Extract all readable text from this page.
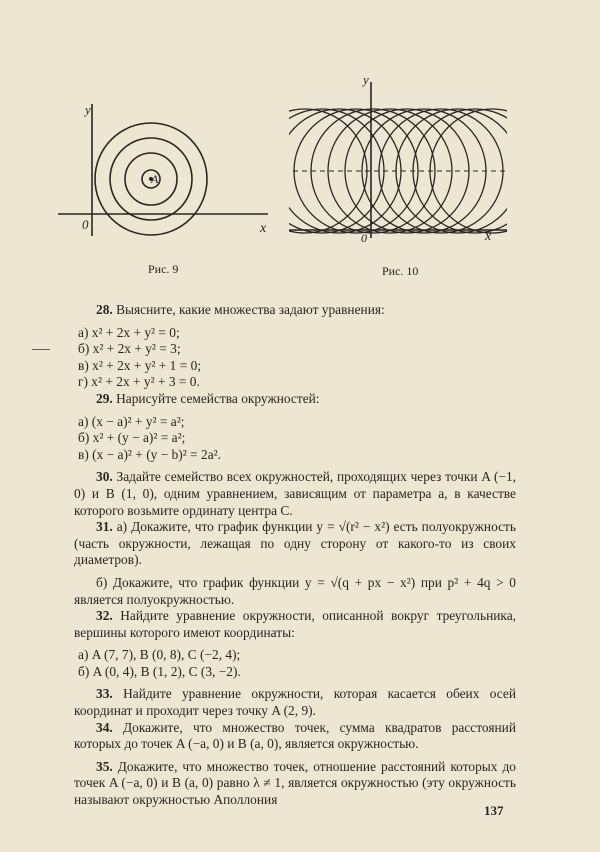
y
x
0
A
Рис. 9
y
x
0
Рис. 10

28. Выясните, какие множества задают уравнения:

а) x² + 2x + y² = 0;

б) x² + 2x + y² = 3;

в) x² + 2x + y² + 1 = 0;

г) x² + 2x + y² + 3 = 0.

29. Нарисуйте семейства окружностей:

а) (x − a)² + y² = a²;

б) x² + (y − a)² = a²;

в) (x − a)² + (y − b)² = 2a².

30. Задайте семейство всех окружностей, проходящих через точки A (−1, 0) и B (1, 0), одним уравнением, зависящим от параметра a, в качестве которого возьмите ординату центра C.

31. а) Докажите, что график функции y = √(r² − x²) есть полуокружность (часть окружности, лежащая по одну сторону от какого-то из своих диаметров).

б) Докажите, что график функции y = √(q + px − x²) при p² + 4q > 0 является полуокружностью.

32. Найдите уравнение окружности, описанной вокруг треугольника, вершины которого имеют координаты:

а) A (7, 7), B (0, 8), C (−2, 4);

б) A (0, 4), B (1, 2), C (3, −2).

33. Найдите уравнение окружности, которая касается обеих осей координат и проходит через точку A (2, 9).

34. Докажите, что множество точек, сумма квадратов расстояний которых до точек A (−a, 0) и B (a, 0), является окружностью.

35. Докажите, что множество точек, отношение расстояний которых до точек A (−a, 0) и B (a, 0) равно λ ≠ 1, является окружностью (эту окружность называют окружностью Аполлония

137
